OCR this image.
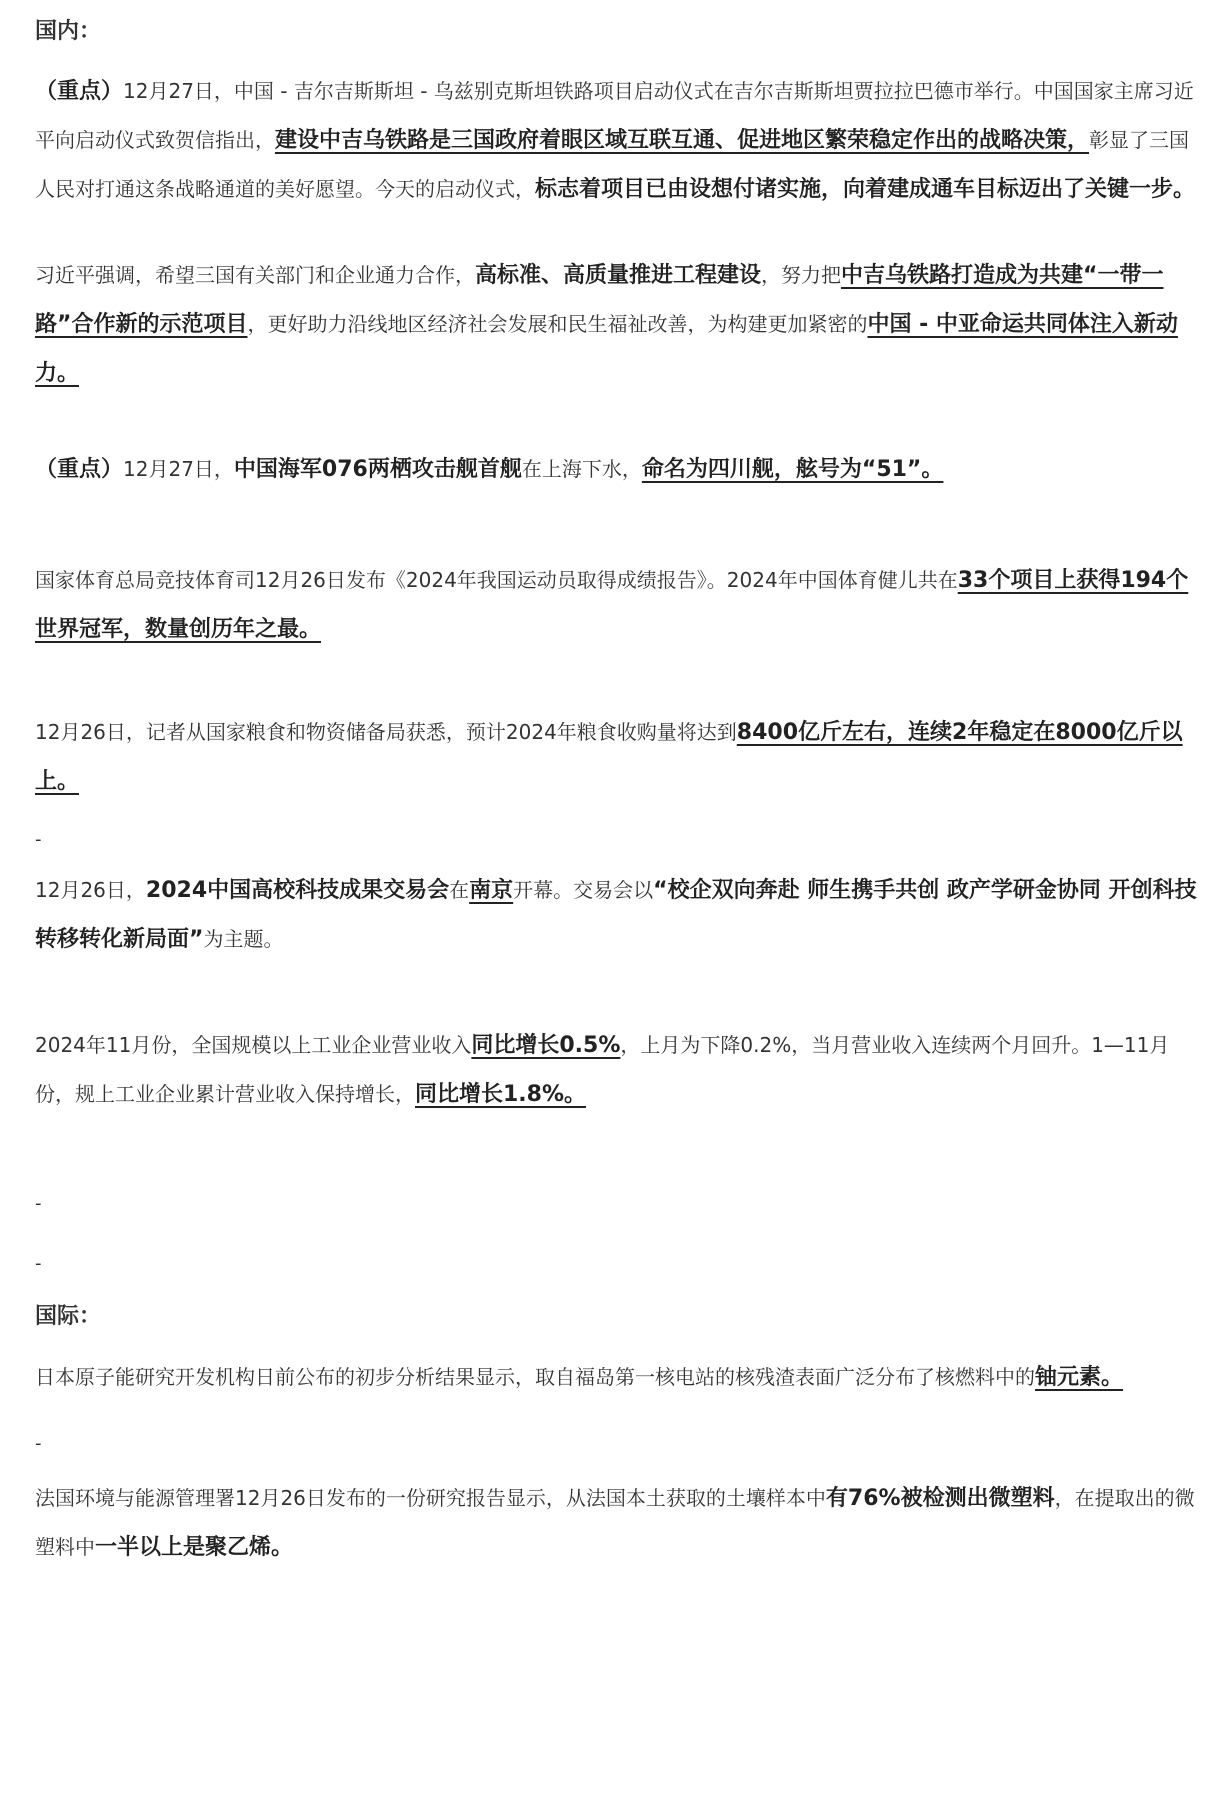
国内：

（重点）12月27日，中国 - 吉尔吉斯斯坦 - 乌兹别克斯坦铁路项目启动仪式在吉尔吉斯斯坦贾拉拉巴德市举行。中国国家主席习近平向启动仪式致贺信指出，建设中吉乌铁路是三国政府着眼区域互联互通、促进地区繁荣稳定作出的战略决策，彰显了三国人民对打通这条战略通道的美好愿望。今天的启动仪式，标志着项目已由设想付诸实施，向着建成通车目标迈出了关键一步。

习近平强调，希望三国有关部门和企业通力合作，高标准、高质量推进工程建设，努力把中吉乌铁路打造成为共建“一带一路”合作新的示范项目，更好助力沿线地区经济社会发展和民生福祉改善，为构建更加紧密的中国 - 中亚命运共同体注入新动力。

（重点）12月27日，中国海军076两栖攻击舰首舰在上海下水，命名为四川舰，舷号为“51”。

国家体育总局竞技体育司12月26日发布《2024年我国运动员取得成绩报告》。2024年中国体育健儿共在33个项目上获得194个世界冠军，数量创历年之最。

12月26日，记者从国家粮食和物资储备局获悉，预计2024年粮食收购量将达到8400亿斤左右，连续2年稳定在8000亿斤以上。

-

12月26日，2024中国高校科技成果交易会在南京开幕。交易会以“校企双向奔赴 师生携手共创 政产学研金协同 开创科技转移转化新局面”为主题。

2024年11月份，全国规模以上工业企业营业收入同比增长0.5%，上月为下降0.2%，当月营业收入连续两个月回升。1—11月份，规上工业企业累计营业收入保持增长，同比增长1.8%。

-
-
国际：

日本原子能研究开发机构日前公布的初步分析结果显示，取自福岛第一核电站的核残渣表面广泛分布了核燃料中的铀元素。

-

法国环境与能源管理署12月26日发布的一份研究报告显示，从法国本土获取的土壤样本中有76%被检测出微塑料，在提取出的微塑料中一半以上是聚乙烯。
